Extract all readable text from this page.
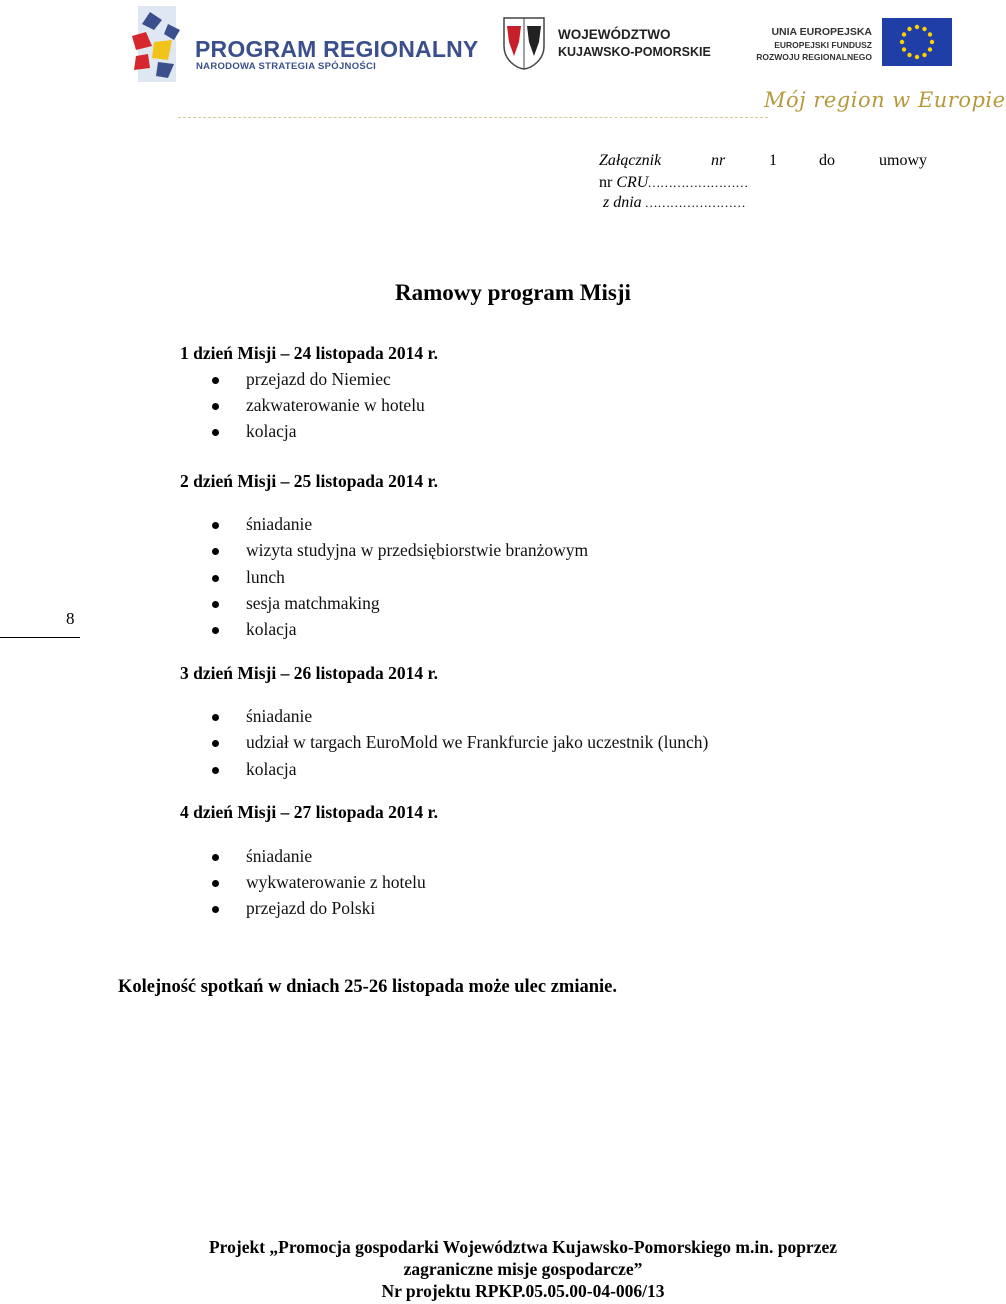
PROGRAM REGIONALNY
NARODOWA STRATEGIA SPÓJNOŚCI
WOJEWÓDZTWO
KUJAWSKO-POMORSKIE
UNIA EUROPEJSKA
EUROPEJSKI FUNDUSZ
ROZWOJU REGIONALNEGO
Mój region w Europie
Załącznik	nr	1	do	umowy
nr CRU……………………
z dnia ……………………
Ramowy program Misji
1 dzień Misji – 24 listopada 2014 r.
przejazd do Niemiec
zakwaterowanie w hotelu
kolacja
2 dzień Misji – 25 listopada 2014 r.
śniadanie
wizyta studyjna w przedsiębiorstwie branżowym
lunch
sesja matchmaking
kolacja
3 dzień Misji – 26 listopada 2014 r.
śniadanie
udział w targach EuroMold we Frankfurcie jako uczestnik (lunch)
kolacja
4 dzień Misji – 27 listopada 2014 r.
śniadanie
wykwaterowanie z hotelu
przejazd do Polski
8
Kolejność spotkań w dniach 25-26 listopada może ulec zmianie.
Projekt „Promocja gospodarki Województwa Kujawsko-Pomorskiego m.in. poprzez
zagraniczne misje gospodarcze”
Nr projektu RPKP.05.05.00-04-006/13
